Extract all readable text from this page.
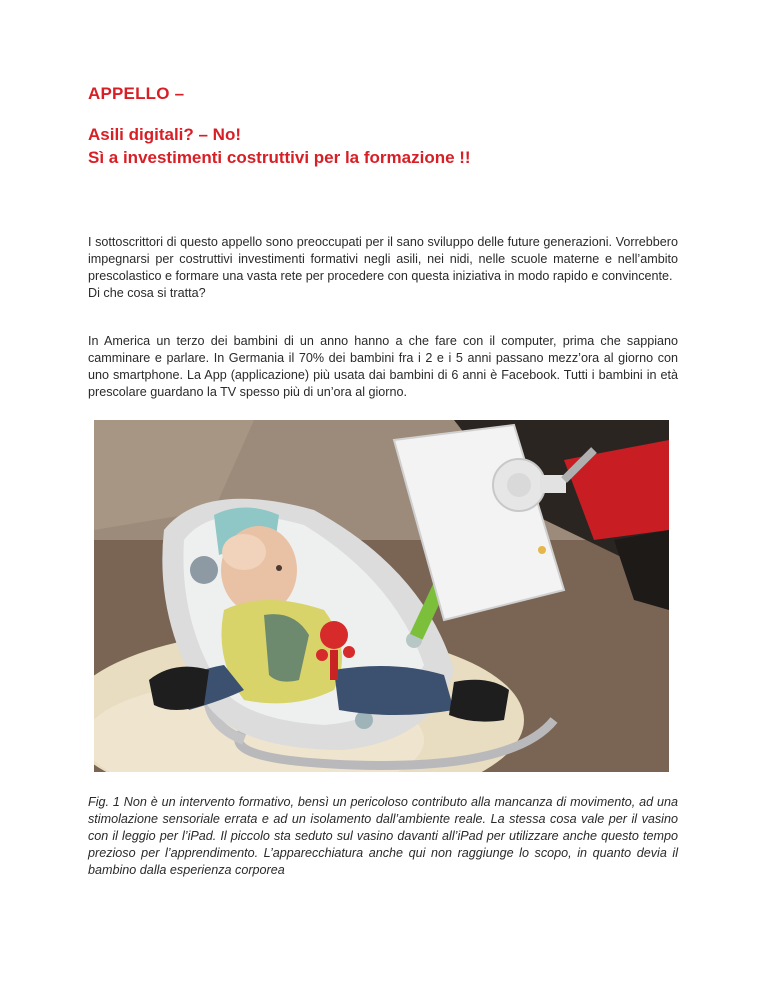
APPELLO –
Asili digitali? – No!
Sì a investimenti costruttivi per la formazione !!

I sottoscrittori di questo appello sono preoccupati per il sano sviluppo delle future generazioni. Vorrebbero impegnarsi per costruttivi investimenti formativi negli asili, nei nidi, nelle scuole materne e nell’ambito prescolastico e formare una vasta rete per procedere con questa iniziativa in modo rapido e convincente.
Di che cosa si tratta?

In America un terzo dei bambini di un anno hanno a che fare con il computer, prima che sappiano camminare e parlare. In Germania il 70% dei bambini fra i 2 e i 5 anni passano mezz’ora al giorno con uno smartphone. La App (applicazione) più usata dai bambini di 6 anni è Facebook. Tutti i bambini in età prescolare guardano la TV spesso più di un’ora al giorno.

Fig. 1 Non è un intervento formativo, bensì un pericoloso contributo alla mancanza di movimento, ad una stimolazione sensoriale errata e ad un isolamento dall’ambiente reale. La stessa cosa vale per il vasino con il leggio per l’iPad. Il piccolo sta seduto sul vasino davanti all’iPad per utilizzare anche questo tempo prezioso per l’apprendimento. L’apparecchiatura anche qui non raggiunge lo scopo, in quanto devia il bambino dalla esperienza corporea
